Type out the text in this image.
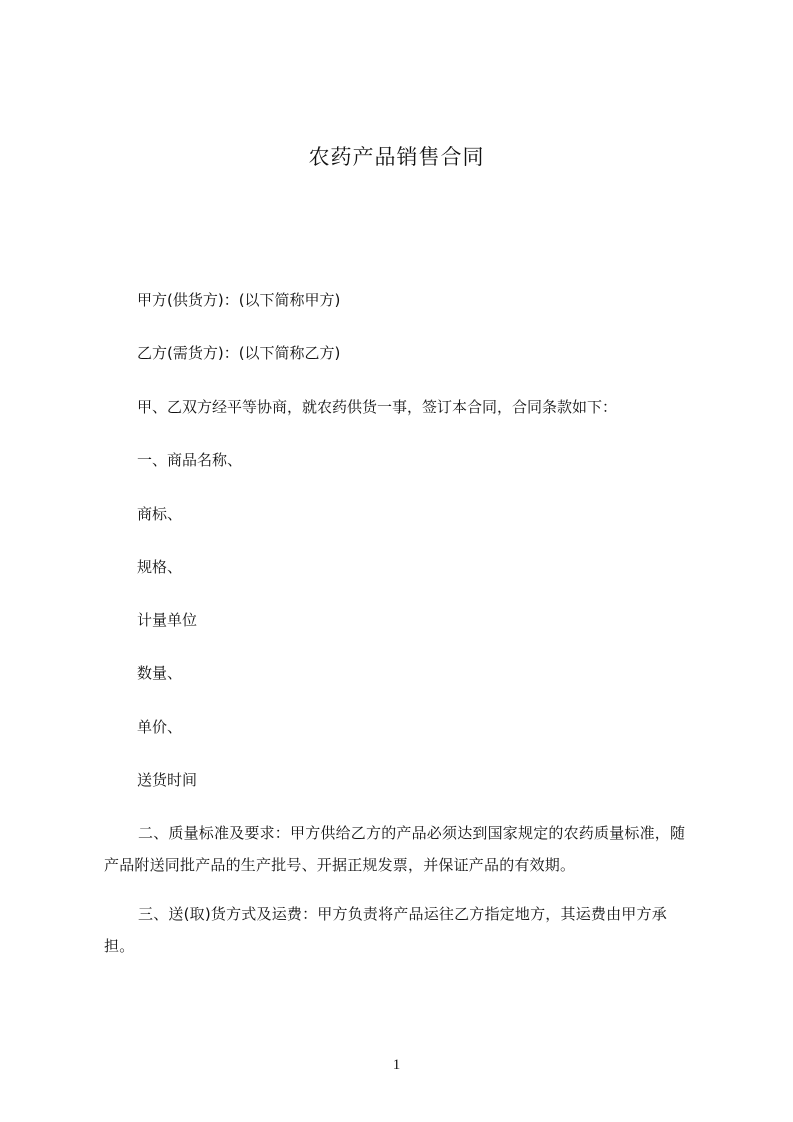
农药产品销售合同
甲方(供货方)：(以下简称甲方)
乙方(需货方)：(以下简称乙方)
甲、乙双方经平等协商，就农药供货一事，签订本合同，合同条款如下：
一、商品名称、
商标、
规格、
计量单位
数量、
单价、
送货时间
二、质量标准及要求：甲方供给乙方的产品必须达到国家规定的农药质量标准，随产品附送同批产品的生产批号、开据正规发票，并保证产品的有效期。
三、送(取)货方式及运费：甲方负责将产品运往乙方指定地方，其运费由甲方承担。
1
